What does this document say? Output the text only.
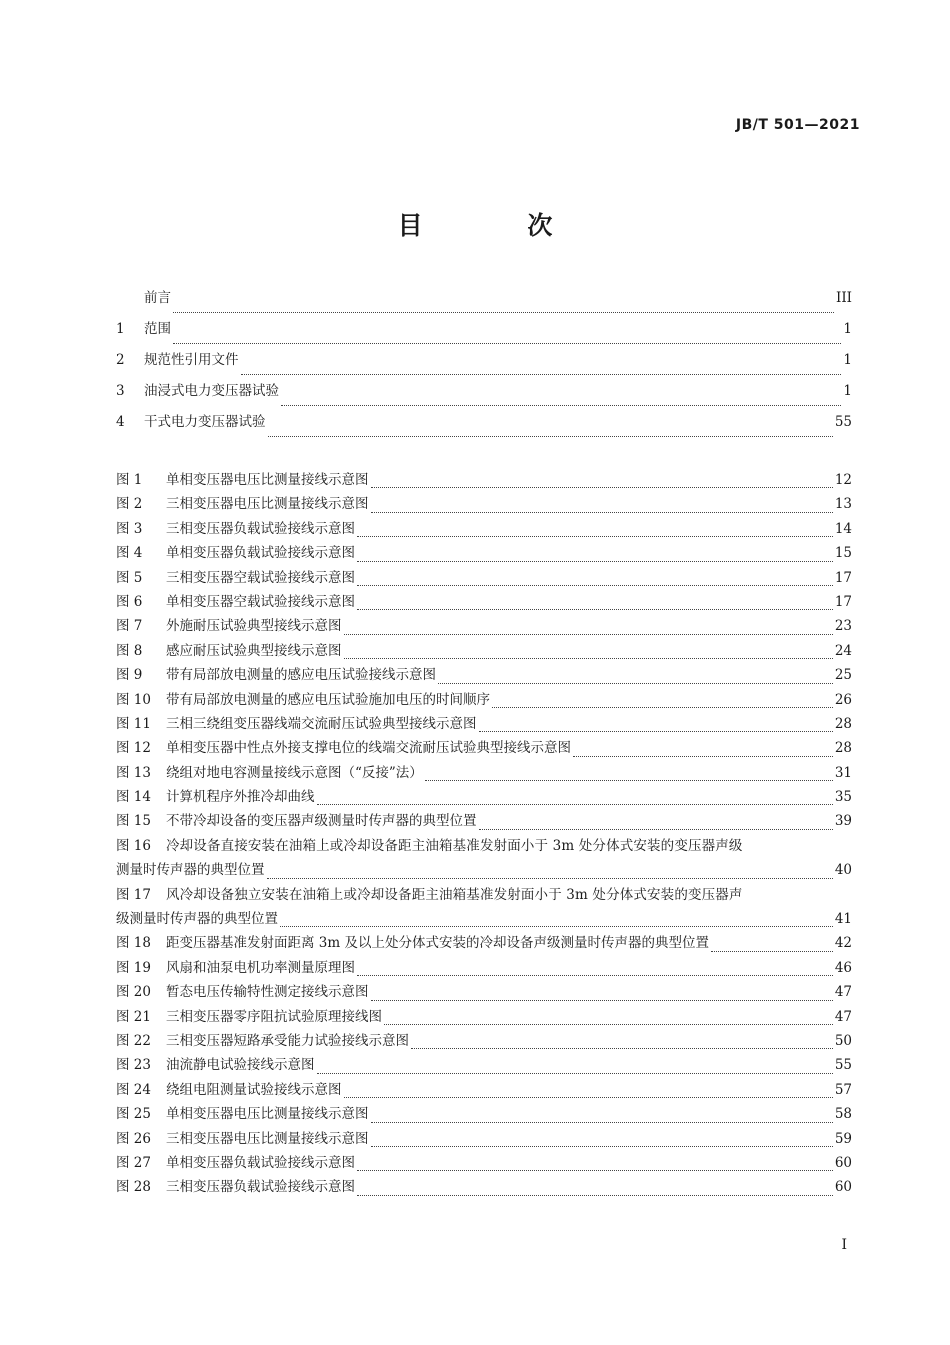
JB/T 501—2021
目 次
前言	III
1	范围	1
2	规范性引用文件	1
3	油浸式电力变压器试验	1
4	干式电力变压器试验	55
图 1	单相变压器电压比测量接线示意图	12
图 2	三相变压器电压比测量接线示意图	13
图 3	三相变压器负载试验接线示意图	14
图 4	单相变压器负载试验接线示意图	15
图 5	三相变压器空载试验接线示意图	17
图 6	单相变压器空载试验接线示意图	17
图 7	外施耐压试验典型接线示意图	23
图 8	感应耐压试验典型接线示意图	24
图 9	带有局部放电测量的感应电压试验接线示意图	25
图 10	带有局部放电测量的感应电压试验施加电压的时间顺序	26
图 11	三相三绕组变压器线端交流耐压试验典型接线示意图	28
图 12	单相变压器中性点外接支撑电位的线端交流耐压试验典型接线示意图	28
图 13	绕组对地电容测量接线示意图（“反接”法）	31
图 14	计算机程序外推冷却曲线	35
图 15	不带冷却设备的变压器声级测量时传声器的典型位置	39
图 16	冷却设备直接安装在油箱上或冷却设备距主油箱基准发射面小于 3m 处分体式安装的变压器声级
测量时传声器的典型位置	40
图 17	风冷却设备独立安装在油箱上或冷却设备距主油箱基准发射面小于 3m 处分体式安装的变压器声
级测量时传声器的典型位置	41
图 18	距变压器基准发射面距离 3m 及以上处分体式安装的冷却设备声级测量时传声器的典型位置	42
图 19	风扇和油泵电机功率测量原理图	46
图 20	暂态电压传输特性测定接线示意图	47
图 21	三相变压器零序阻抗试验原理接线图	47
图 22	三相变压器短路承受能力试验接线示意图	50
图 23	油流静电试验接线示意图	55
图 24	绕组电阻测量试验接线示意图	57
图 25	单相变压器电压比测量接线示意图	58
图 26	三相变压器电压比测量接线示意图	59
图 27	单相变压器负载试验接线示意图	60
图 28	三相变压器负载试验接线示意图	60
I
